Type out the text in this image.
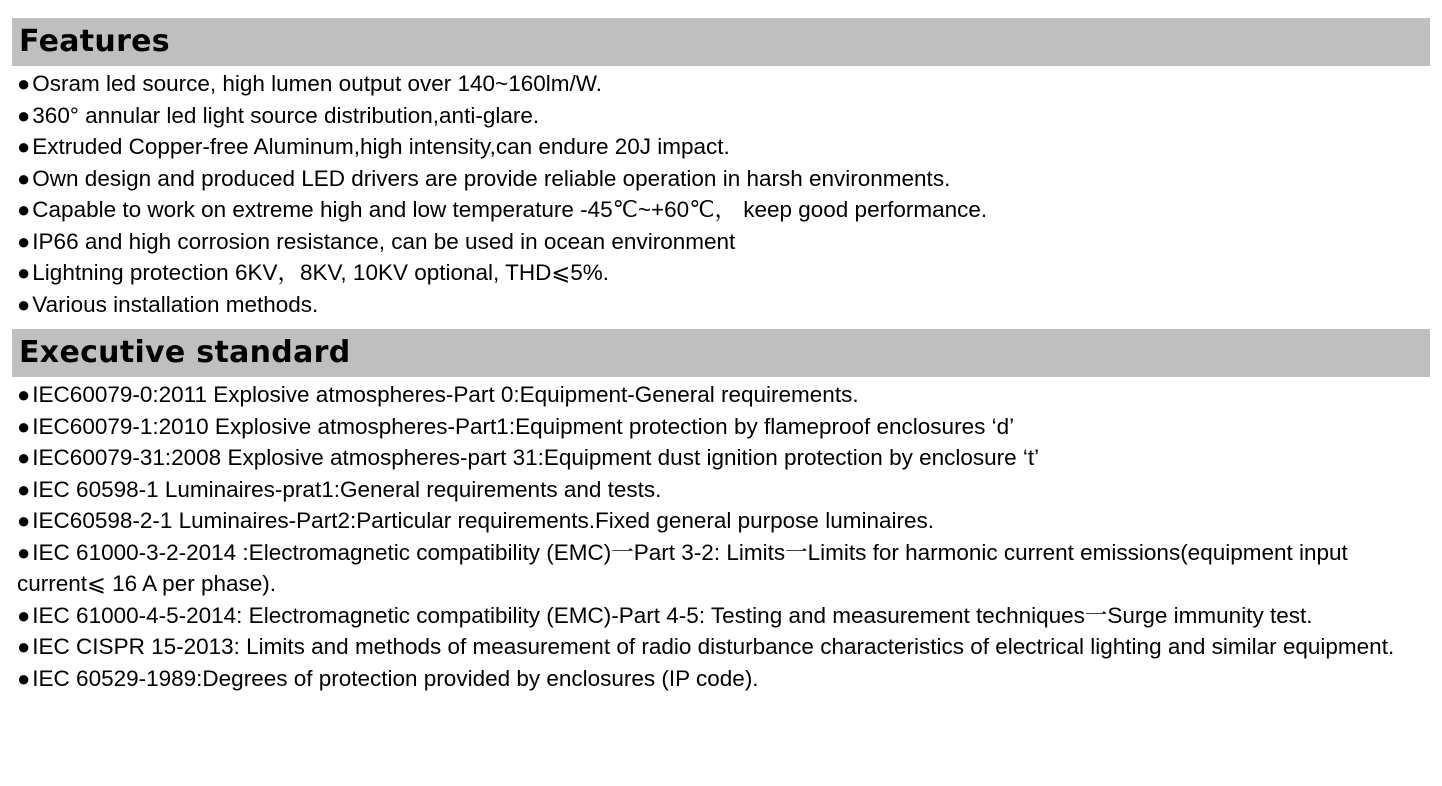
Features
●Osram led source, high lumen output over 140~160lm/W.
●360° annular led light source distribution,anti-glare.
●Extruded Copper-free Aluminum,high intensity,can endure 20J impact.
●Own design and produced LED drivers are provide reliable operation in harsh environments.
●Capable to work on extreme high and low temperature -45℃~+60℃， keep good performance.
●IP66 and high corrosion resistance, can be used in ocean environment
●Lightning protection 6KV，8KV, 10KV optional, THD⩽5%.
●Various installation methods.
Executive standard
●IEC60079-0:2011 Explosive atmospheres-Part 0:Equipment-General requirements.
●IEC60079-1:2010 Explosive atmospheres-Part1:Equipment protection by flameproof enclosures ‘d’
●IEC60079-31:2008 Explosive atmospheres-part 31:Equipment dust ignition protection by enclosure ‘t’
●IEC 60598-1 Luminaires-prat1:General requirements and tests.
●IEC60598-2-1 Luminaires-Part2:Particular requirements.Fixed general purpose luminaires.
●IEC 61000-3-2-2014 :Electromagnetic compatibility (EMC)一Part 3-2: Limits一Limits for harmonic current emissions(equipment input current⩽ 16 A per phase).
●IEC 61000-4-5-2014: Electromagnetic compatibility (EMC)-Part 4-5: Testing and measurement techniques一Surge immunity test.
●IEC CISPR 15-2013: Limits and methods of measurement of radio disturbance characteristics of electrical lighting and similar equipment.
●IEC 60529-1989:Degrees of protection provided by enclosures (IP code).
